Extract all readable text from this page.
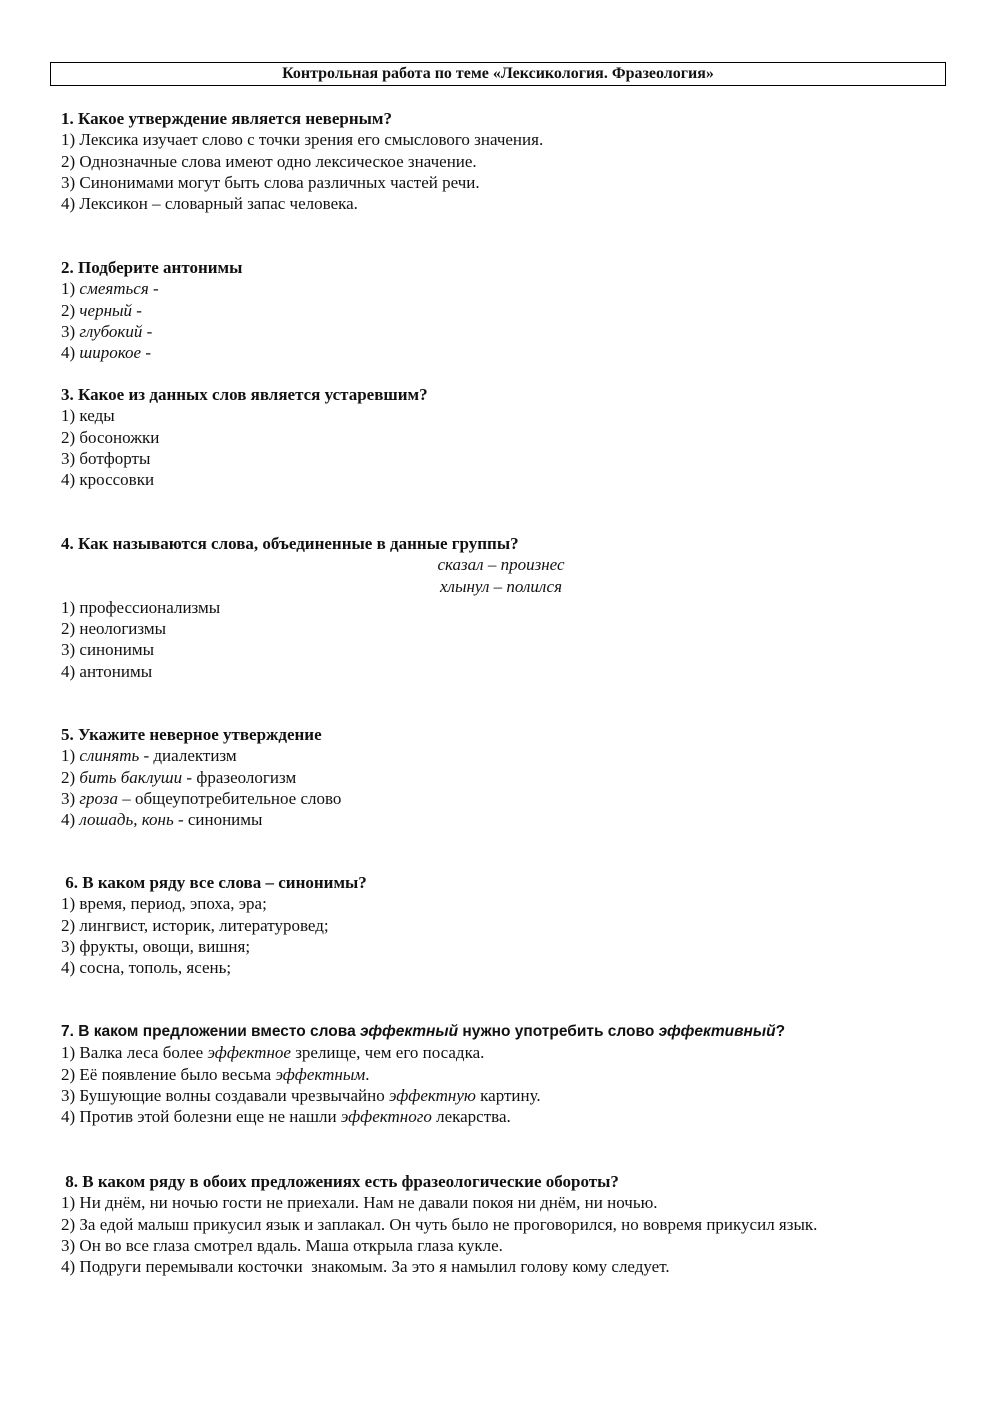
Контрольная работа по теме «Лексикология. Фразеология»
1. Какое утверждение является неверным?
1) Лексика изучает слово с точки зрения его смыслового значения.
2) Однозначные слова имеют одно лексическое значение.
3) Синонимами могут быть слова различных частей речи.
4) Лексикон – словарный запас человека.
2. Подберите антонимы
1) смеяться -
2) черный -
3) глубокий -
4) широкое -
3. Какое из данных слов является устаревшим?
1) кеды
2) босоножки
3) ботфорты
4) кроссовки
4. Как называются слова, объединенные в данные группы?
сказал – произнес
хлынул – полился
1) профессионализмы
2) неологизмы
3) синонимы
4) антонимы
5. Укажите неверное утверждение
1) слинять - диалектизм
2) бить баклуши - фразеологизм
3) гроза – общеупотребительное слово
4) лошадь, конь - синонимы
6. В каком ряду все слова – синонимы?
1) время, период, эпоха, эра;
2) лингвист, историк, литературовед;
3) фрукты, овощи, вишня;
4) сосна, тополь, ясень;
7. В каком предложении вместо слова эффектный нужно употребить слово эффективный?
1) Валка леса более эффектное зрелище, чем его посадка.
2) Её появление было весьма эффектным.
3) Бушующие волны создавали чрезвычайно эффектную картину.
4) Против этой болезни еще не нашли эффектного лекарства.
8. В каком ряду в обоих предложениях есть фразеологические обороты?
1) Ни днём, ни ночью гости не приехали. Нам не давали покоя ни днём, ни ночью.
2) За едой малыш прикусил язык и заплакал. Он чуть было не проговорился, но вовремя прикусил язык.
3) Он во все глаза смотрел вдаль. Маша открыла глаза кукле.
4) Подруги перемывали косточки  знакомым. За это я намылил голову кому следует.
